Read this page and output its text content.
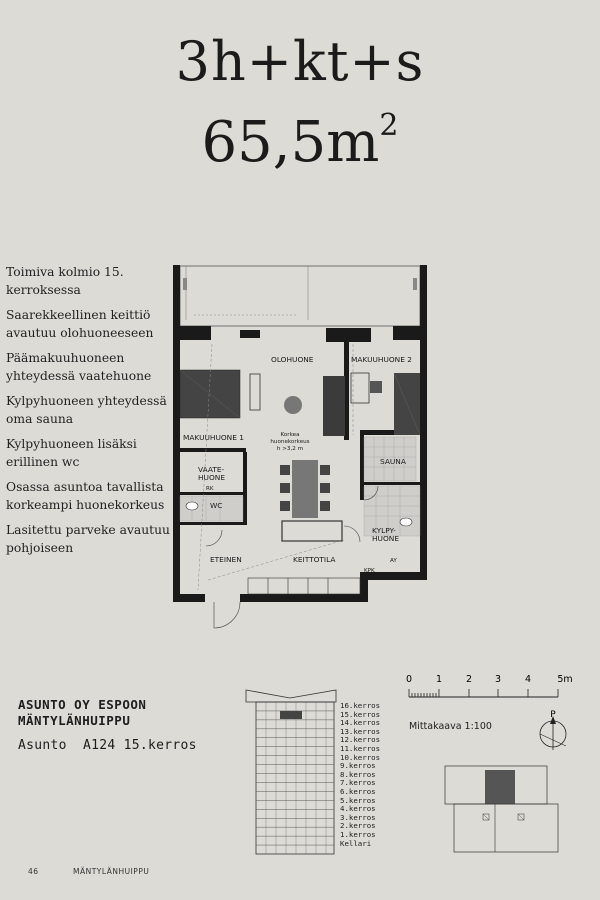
3h+kt+s
$65,5m^2$

Toimiva kolmio 15. kerroksessa

Saarekkeellinen keittiö avautuu olohuoneeseen

Päämakuuhuoneen yhteydessä vaatehuone

Kylpyhuoneen yhteydessä oma sauna

Kylpyhuoneen lisäksi erillinen wc

Osassa asuntoa tavallista korkeampi huonekorkeus

Lasitettu parveke avautuu pohjoiseen

OLOHUONE	MAKUUHUONE 2
MAKUUHUONE 1
VAATE-
HUONE
RK
WC
SAUNA
KYLPY-
HUONE
ETEINEN	KEITTOTILA
KPK
AY
Korkea
huonekorkeus
h >3,2 m
ASUNTO OY ESPOON
MÄNTYLÄNHUIPPU
Asunto  A124 15.kerros
16.kerros
15.kerros
14.kerros
13.kerros
12.kerros
11.kerros
10.kerros
9.kerros
8.kerros
7.kerros
6.kerros
5.kerros
4.kerros
3.kerros
2.kerros
1.kerros
Kellari
0	1	2 3	4	5m
P
Mittakaava 1:100
46	MÄNTYLÄNHUIPPU
